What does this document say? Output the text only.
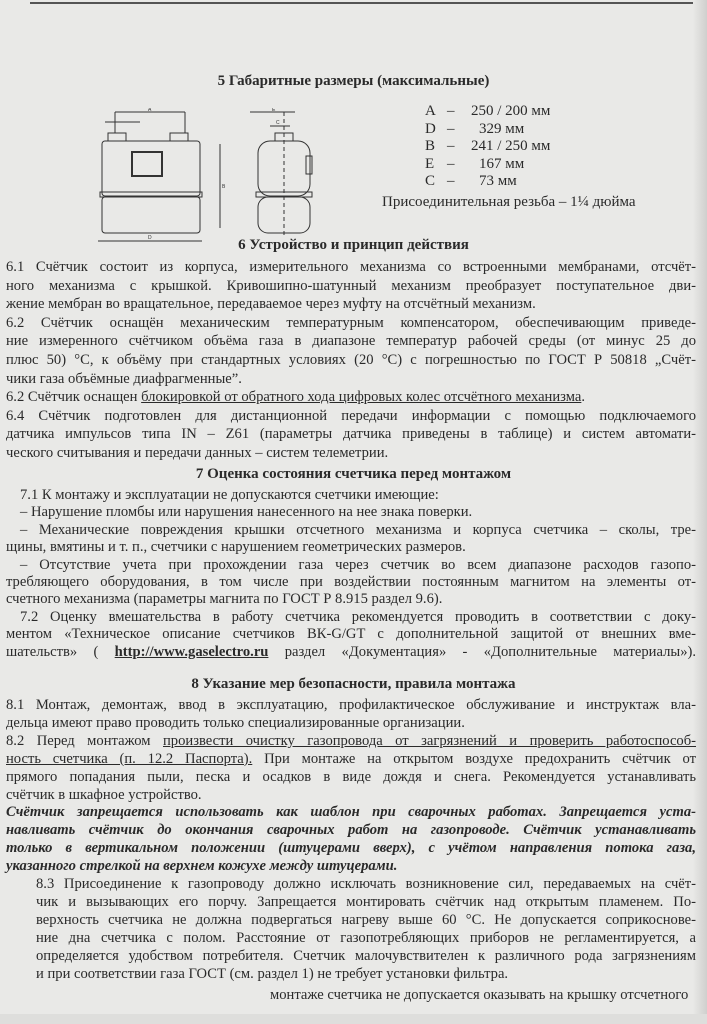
5 Габаритные размеры (максимальные)
A
C
D
E
B
A – 250 / 200 мм
D – 329 мм
B – 241 / 250 мм
E – 167 мм
C – 73 мм
Присоединительная резьба – 1¼ дюйма
6 Устройство и принцип действия
6.1 Счётчик состоит из корпуса, измерительного механизма со встроенными мембранами, отсчёт-
ного механизма с крышкой. Кривошипно-шатунный механизм преобразует поступательное дви-
жение мембран во вращательное, передаваемое через муфту на отсчётный механизм.
6.2 Счётчик оснащён механическим температурным компенсатором, обеспечивающим приведе-
ние измеренного счётчиком объёма газа в диапазоне температур рабочей среды (от минус 25 до
плюс 50) °С, к объёму при стандартных условиях (20 °С) с погрешностью по ГОСТ Р 50818 „Счёт-
чики газа объёмные диафрагменные”.
6.2 Счётчик оснащен блокировкой от обратного хода цифровых колес отсчётного механизма.
6.4 Счётчик подготовлен для дистанционной передачи информации с помощью подключаемого
датчика импульсов типа IN – Z61 (параметры датчика приведены в таблице) и систем автомати-
ческого считывания и передачи данных – систем телеметрии.
7 Оценка состояния счетчика перед монтажом
7.1 К монтажу и эксплуатации не допускаются счетчики имеющие:
– Нарушение пломбы или нарушения нанесенного на нее знака поверки.
– Механические повреждения крышки отсчетного механизма и корпуса счетчика – сколы, тре-
щины, вмятины и т. п., счетчики с нарушением геометрических размеров.
– Отсутствие учета при прохождении газа через счетчик во всем диапазоне расходов газопо-
требляющего оборудования, в том числе при воздействии постоянным магнитом на элементы от-
счетного механизма (параметры магнита по ГОСТ Р 8.915 раздел 9.6).
7.2 Оценку вмешательства в работу счетчика рекомендуется проводить в соответствии с доку-
ментом «Техническое описание счетчиков ВК-G/GT с дополнительной защитой от внешних вме-
шательств» ( http://www.gaselectro.ru раздел «Документация» - «Дополнительные материалы»).
8 Указание мер безопасности, правила монтажа
8.1 Монтаж, демонтаж, ввод в эксплуатацию, профилактическое обслуживание и инструктаж вла-
дельца имеют право проводить только специализированные организации.
8.2 Перед монтажом произвести очистку газопровода от загрязнений и проверить работоспособ-
ность счетчика (п. 12.2 Паспорта). При монтаже на открытом воздухе предохранить счётчик от
прямого попадания пыли, песка и осадков в виде дождя и снега. Рекомендуется устанавливать
счётчик в шкафное устройство.
Счётчик запрещается использовать как шаблон при сварочных работах. Запрещается уста-
навливать счётчик до окончания сварочных работ на газопроводе. Счётчик устанавливать
только в вертикальном положении (штуцерами вверх), с учётом направления потока газа,
указанного стрелкой на верхнем кожухе между штуцерами.
8.3 Присоединение к газопроводу должно исключать возникновение сил, передаваемых на счёт-
чик и вызывающих его порчу. Запрещается монтировать счётчик над открытым пламенем. По-
верхность счетчика не должна подвергаться нагреву выше 60 °С. Не допускается соприкоснове-
ние дна счетчика с полом. Расстояние от газопотребляющих приборов не регламентируется, а
определяется удобством потребителя. Счетчик малочувствителен к различного рода загрязнениям
и при соответствии газа ГОСТ (см. раздел 1) не требует установки фильтра.
монтаже счетчика не допускается оказывать на крышку отсчетного
